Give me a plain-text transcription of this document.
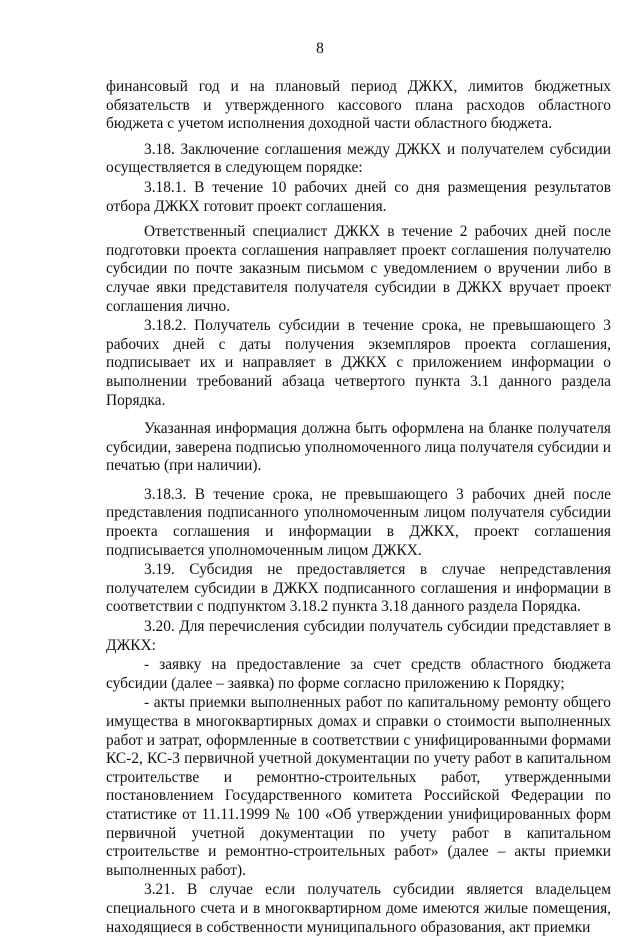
8

финансовый год и на плановый период ДЖКХ, лимитов бюджетных обязательств и утвержденного кассового плана расходов областного бюджета с учетом исполнения доходной части областного бюджета.

3.18. Заключение соглашения между ДЖКХ и получателем субсидии осуществляется в следующем порядке:

3.18.1. В течение 10 рабочих дней со дня размещения результатов отбора ДЖКХ готовит проект соглашения.

Ответственный специалист ДЖКХ в течение 2 рабочих дней после подготовки проекта соглашения направляет проект соглашения получателю субсидии по почте заказным письмом с уведомлением о вручении либо в случае явки представителя получателя субсидии в ДЖКХ вручает проект соглашения лично.

3.18.2. Получатель субсидии в течение срока, не превышающего 3 рабочих дней с даты получения экземпляров проекта соглашения, подписывает их и направляет в ДЖКХ с приложением информации о выполнении требований абзаца четвертого пункта 3.1 данного раздела Порядка.

Указанная информация должна быть оформлена на бланке получателя субсидии, заверена подписью уполномоченного лица получателя субсидии и печатью (при наличии).

3.18.3. В течение срока, не превышающего 3 рабочих дней после представления подписанного уполномоченным лицом получателя субсидии проекта соглашения и информации в ДЖКХ, проект соглашения подписывается уполномоченным лицом ДЖКХ.

3.19. Субсидия не предоставляется в случае непредставления получателем субсидии в ДЖКХ подписанного соглашения и информации в соответствии с подпунктом 3.18.2 пункта 3.18 данного раздела Порядка.

3.20. Для перечисления субсидии получатель субсидии представляет в ДЖКХ:

- заявку на предоставление за счет средств областного бюджета субсидии (далее – заявка) по форме согласно приложению к Порядку;

- акты приемки выполненных работ по капитальному ремонту общего имущества в многоквартирных домах и справки о стоимости выполненных работ и затрат, оформленные в соответствии с унифицированными формами КС-2, КС-3 первичной учетной документации по учету работ в капитальном строительстве и ремонтно-строительных работ, утвержденными постановлением Государственного комитета Российской Федерации по статистике от 11.11.1999 № 100 «Об утверждении унифицированных форм первичной учетной документации по учету работ в капитальном строительстве и ремонтно-строительных работ» (далее – акты приемки выполненных работ).

3.21. В случае если получатель субсидии является владельцем специального счета и в многоквартирном доме имеются жилые помещения, находящиеся в собственности муниципального образования, акт приемки
